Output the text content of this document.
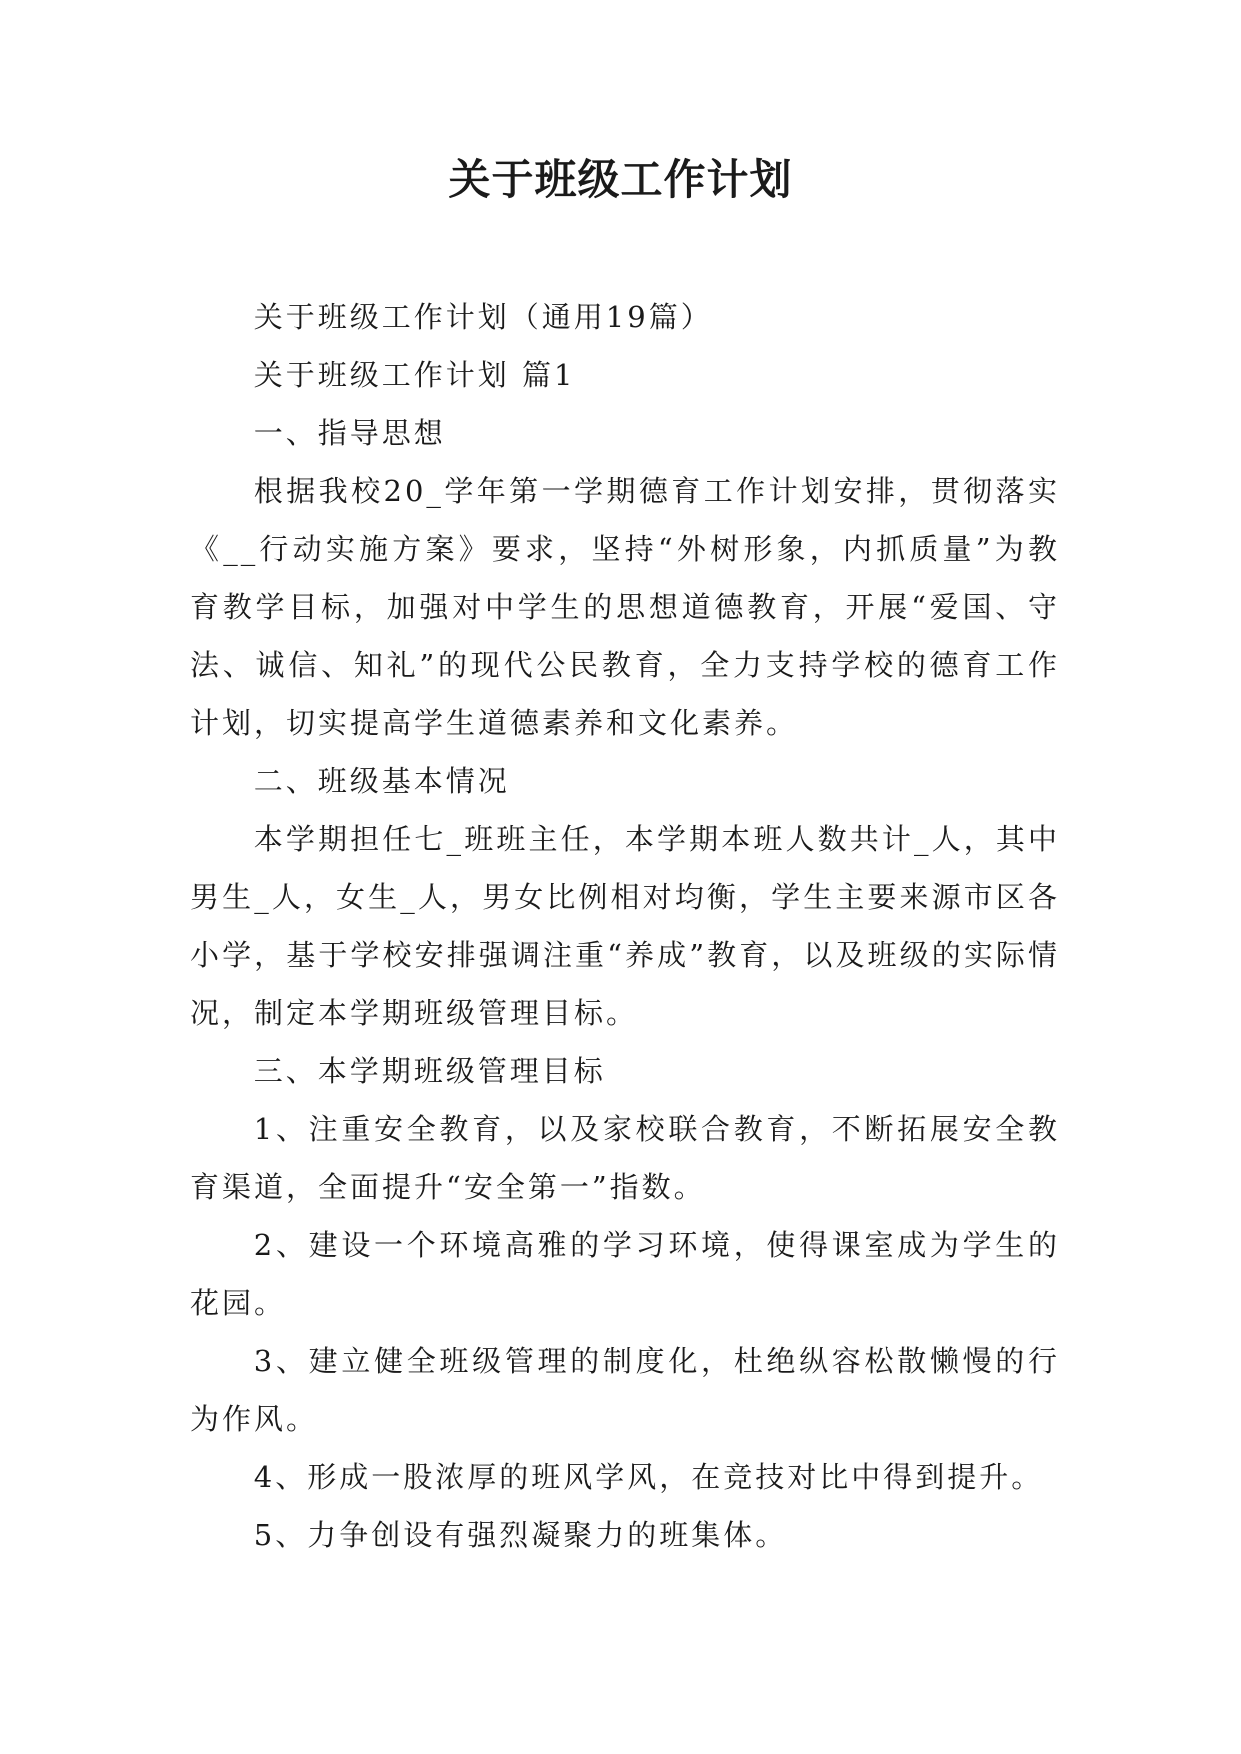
关于班级工作计划

关于班级工作计划（通用19篇）

关于班级工作计划 篇1

一、指导思想

根据我校20_学年第一学期德育工作计划安排，贯彻落实《__行动实施方案》要求，坚持“外树形象，内抓质量”为教育教学目标，加强对中学生的思想道德教育，开展“爱国、守法、诚信、知礼”的现代公民教育，全力支持学校的德育工作计划，切实提高学生道德素养和文化素养。

二、班级基本情况

本学期担任七_班班主任，本学期本班人数共计_人，其中男生_人，女生_人，男女比例相对均衡，学生主要来源市区各小学，基于学校安排强调注重“养成”教育，以及班级的实际情况，制定本学期班级管理目标。

三、本学期班级管理目标

1、注重安全教育，以及家校联合教育，不断拓展安全教育渠道，全面提升“安全第一”指数。

2、建设一个环境高雅的学习环境，使得课室成为学生的花园。

3、建立健全班级管理的制度化，杜绝纵容松散懒慢的行为作风。

4、形成一股浓厚的班风学风，在竞技对比中得到提升。

5、力争创设有强烈凝聚力的班集体。
